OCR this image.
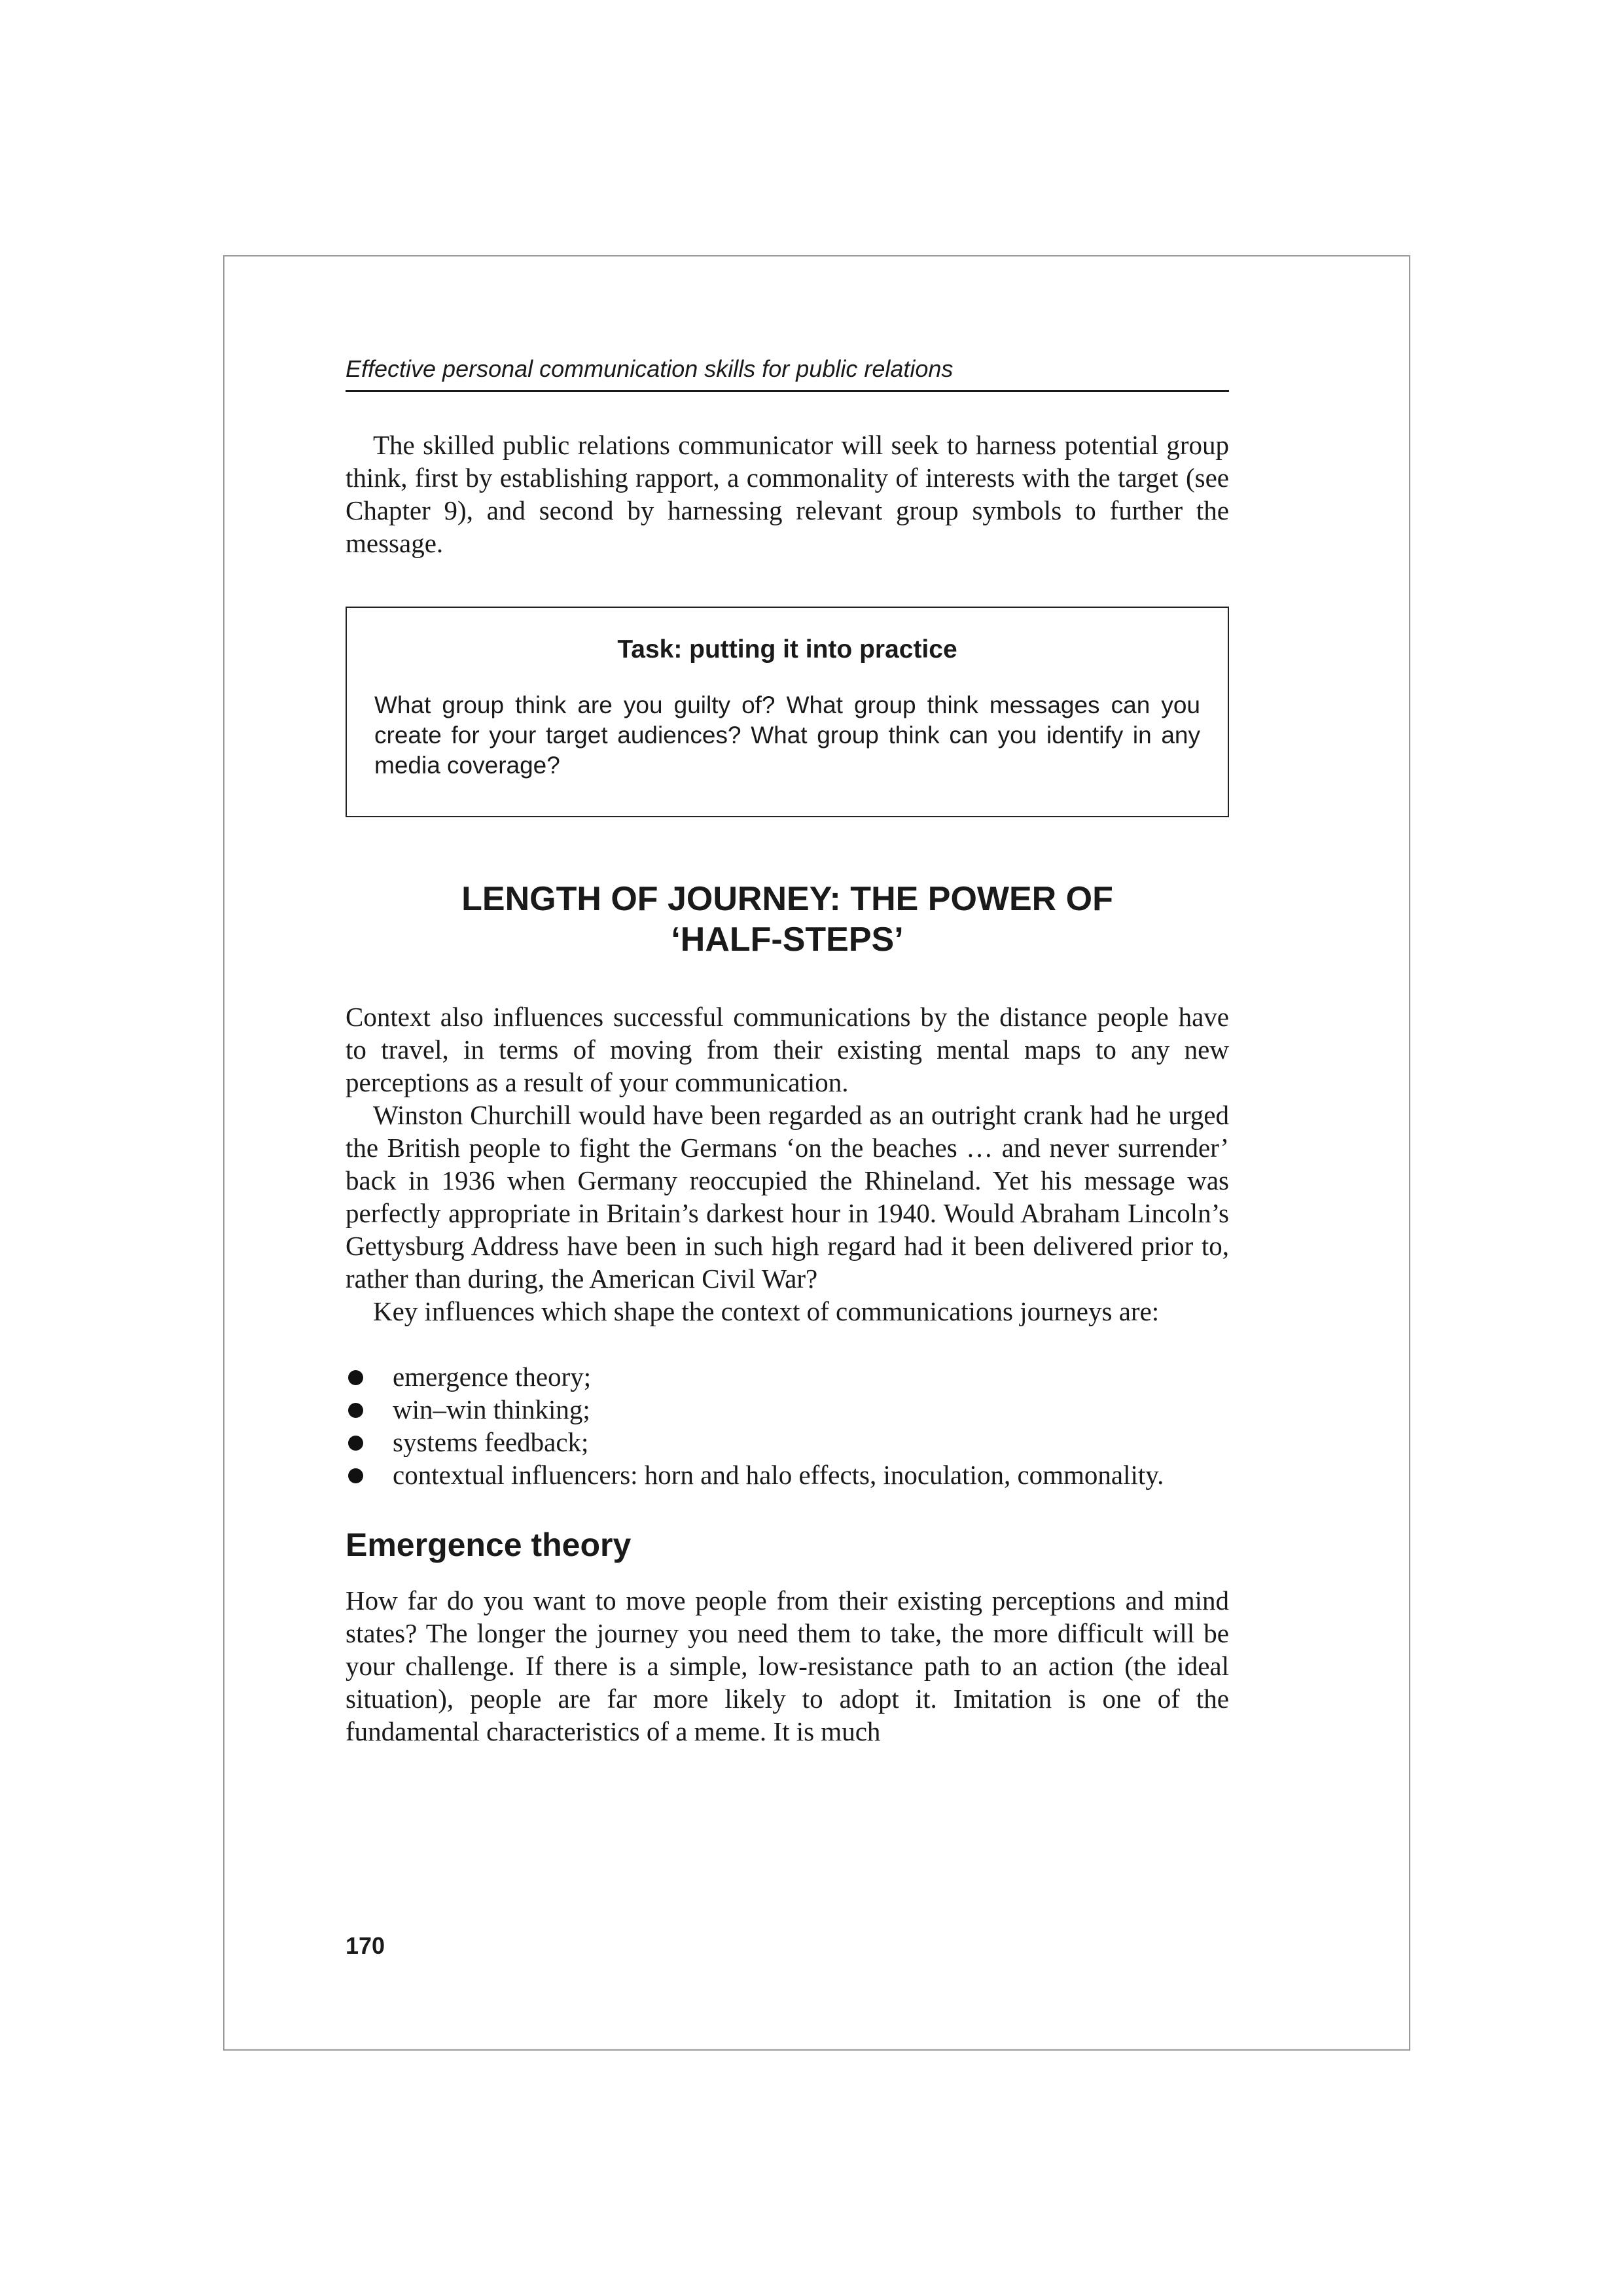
Effective personal communication skills for public relations

The skilled public relations communicator will seek to harness potential group think, first by establishing rapport, a commonality of interests with the target (see Chapter 9), and second by harnessing relevant group symbols to further the message.

Task: putting it into practice
What group think are you guilty of? What group think messages can you create for your target audiences? What group think can you identify in any media coverage?
LENGTH OF JOURNEY: THE POWER OF ‘HALF-STEPS’

Context also influences successful communications by the distance people have to travel, in terms of moving from their existing mental maps to any new perceptions as a result of your communication.

Winston Churchill would have been regarded as an outright crank had he urged the British people to fight the Germans ‘on the beaches … and never surrender’ back in 1936 when Germany reoccupied the Rhineland. Yet his message was perfectly appropriate in Britain’s darkest hour in 1940. Would Abraham Lincoln’s Gettysburg Address have been in such high regard had it been delivered prior to, rather than during, the American Civil War?

Key influences which shape the context of communications journeys are:

emergence theory;
win–win thinking;
systems feedback;
contextual influencers: horn and halo effects, inoculation, commonality.
Emergence theory

How far do you want to move people from their existing perceptions and mind states? The longer the journey you need them to take, the more difficult will be your challenge. If there is a simple, low-resistance path to an action (the ideal situation), people are far more likely to adopt it. Imitation is one of the fundamental characteristics of a meme. It is much

170
